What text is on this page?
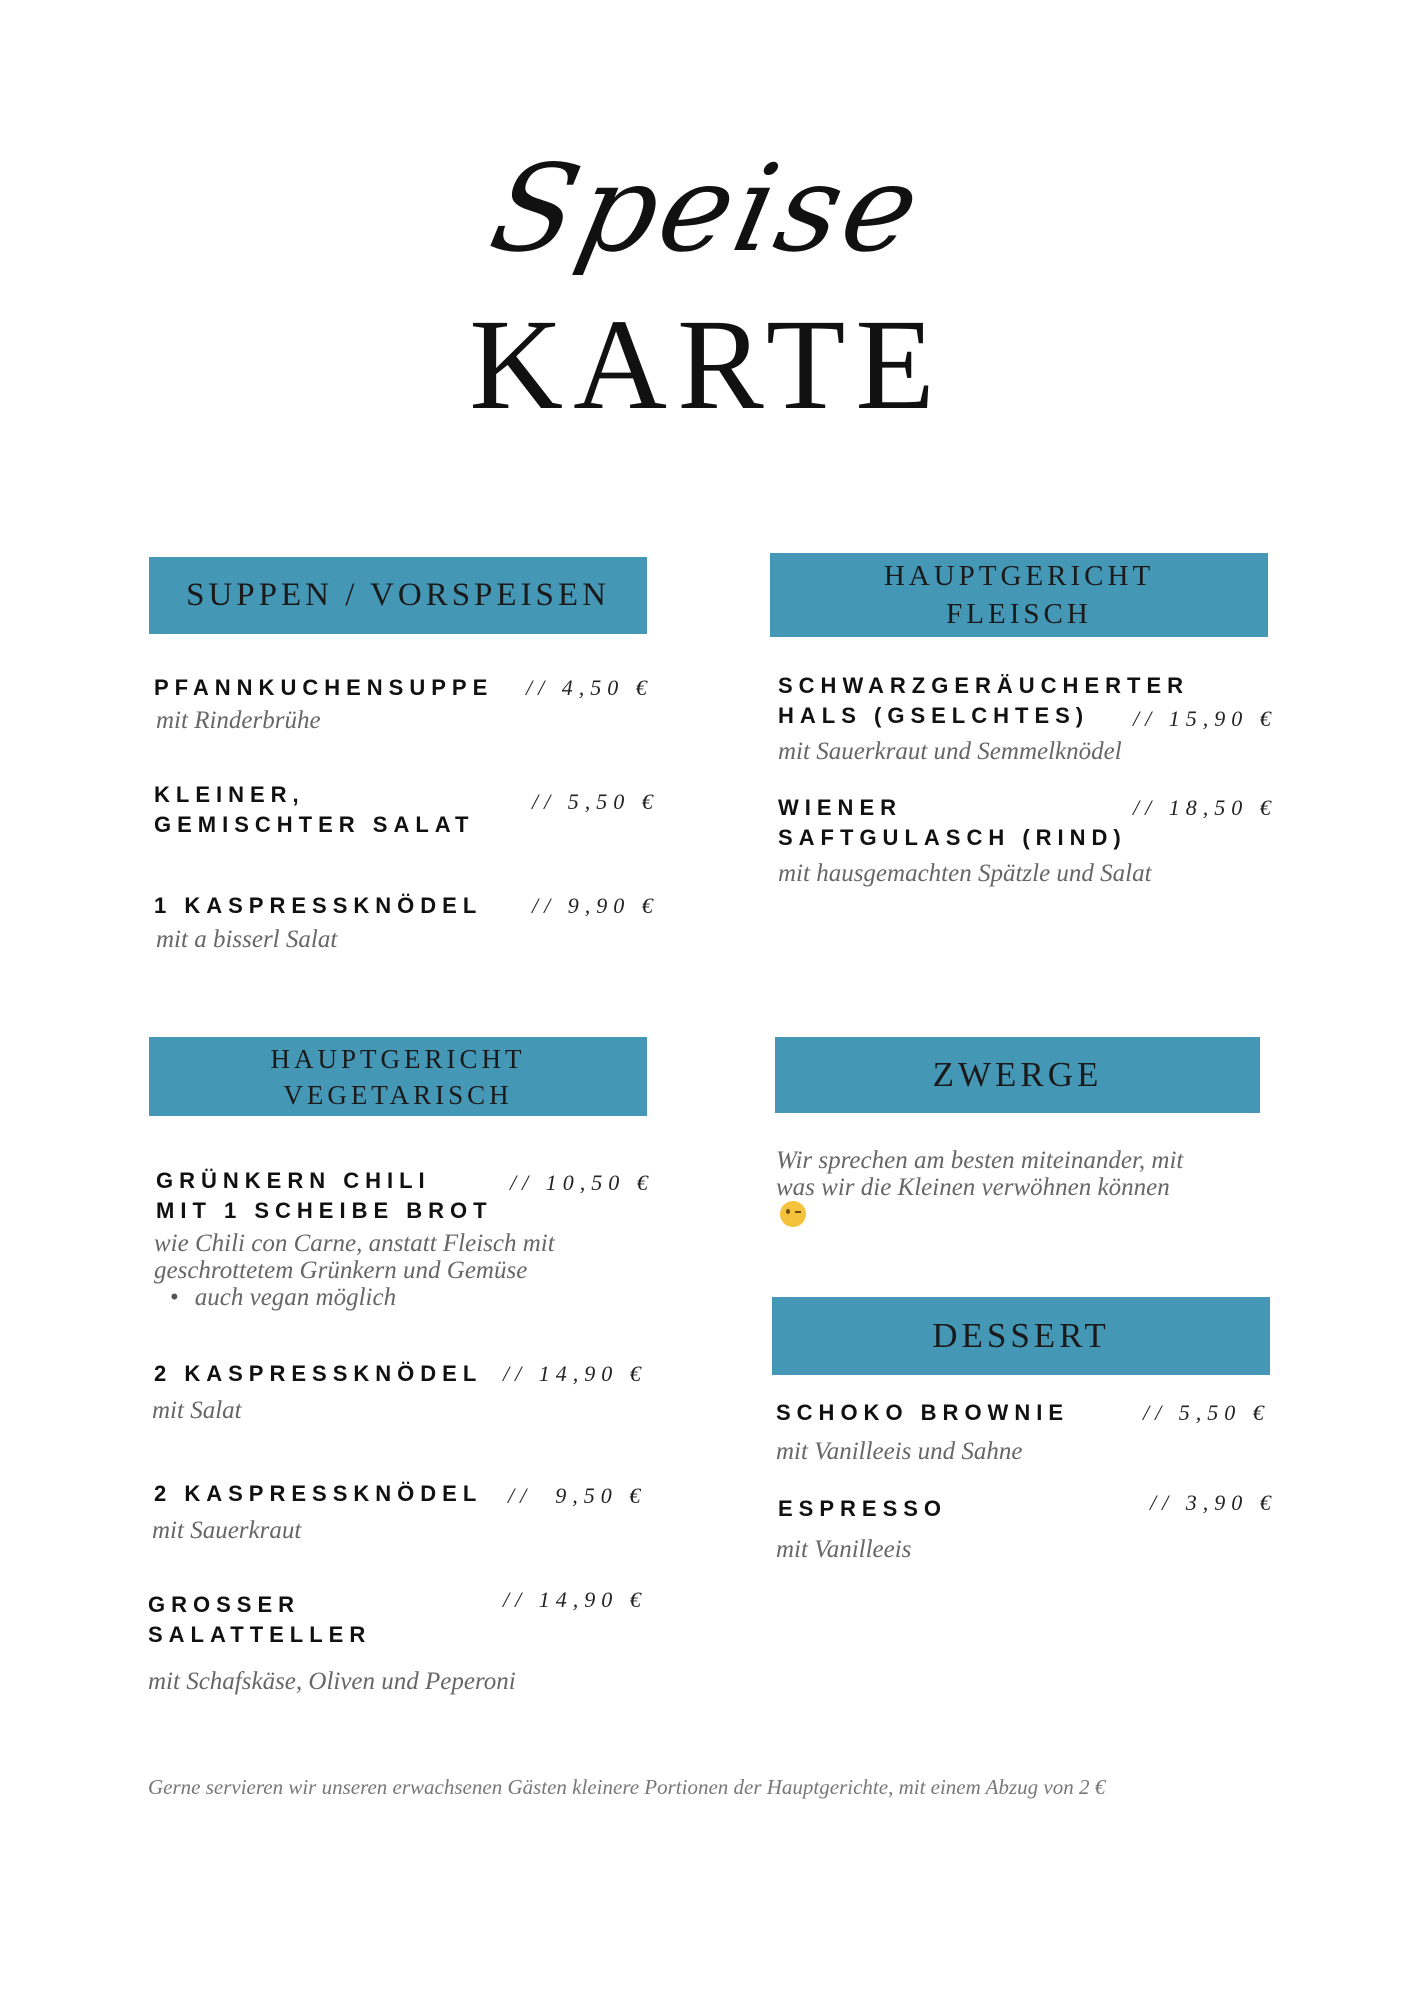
Speise
KARTE
SUPPEN / VORSPEISEN
PFANNKUCHENSUPPE // 4,50 €
mit Rinderbrühe
KLEINER,
GEMISCHTER SALAT
// 5,50 €
1 KASPRESSKNÖDEL // 9,90 €
mit a bisserl Salat
HAUPTGERICHT
FLEISCH
SCHWARZGERÄUCHERTER
HALS (GSELCHTES)	// 15,90 €
mit Sauerkraut und Semmelknödel
WIENER
SAFTGULASCH (RIND)
// 18,50 €
mit hausgemachten Spätzle und Salat
HAUPTGERICHT
VEGETARISCH
GRÜNKERN CHILI
MIT 1 SCHEIBE BROT
// 10,50 €
wie Chili con Carne, anstatt Fleisch mit
geschrottetem Grünkern und Gemüse
• auch vegan möglich
2 KASPRESSKNÖDEL // 14,90 €
mit Salat
2 KASPRESSKNÖDEL //  9,50 €
mit Sauerkraut
GROSSER
SALATTELLER
// 14,90 €
mit Schafskäse, Oliven und Peperoni
ZWERGE
Wir sprechen am besten miteinander, mit
was wir die Kleinen verwöhnen können
DESSERT
SCHOKO BROWNIE	// 5,50 €
mit Vanilleeis und Sahne
ESPRESSO	// 3,90 €
mit Vanilleeis
Gerne servieren wir unseren erwachsenen Gästen kleinere Portionen der Hauptgerichte, mit einem Abzug von 2 €
